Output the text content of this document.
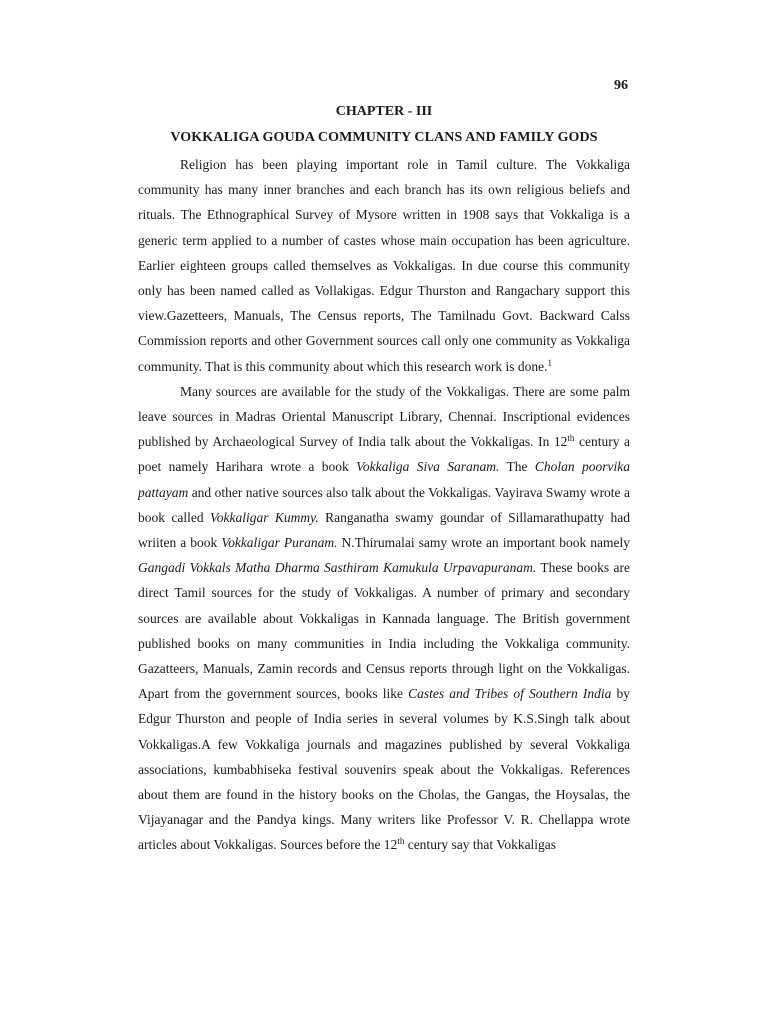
96
CHAPTER - III
VOKKALIGA GOUDA COMMUNITY CLANS AND FAMILY GODS

Religion has been playing important role in Tamil culture. The Vokkaliga community has many inner branches and each branch has its own religious beliefs and rituals. The Ethnographical Survey of Mysore written in 1908 says that Vokkaliga is a generic term applied to a number of castes whose main occupation has been agriculture. Earlier eighteen groups called themselves as Vokkaligas. In due course this community only has been named called as Vollakigas. Edgur Thurston and Rangachary support this view.Gazetteers, Manuals, The Census reports, The Tamilnadu Govt. Backward Calss Commission reports and other Government sources call only one community as Vokkaliga community. That is this community about which this research work is done.$^1$

Many sources are available for the study of the Vokkaligas. There are some palm leave sources in Madras Oriental Manuscript Library, Chennai. Inscriptional evidences published by Archaeological Survey of India talk about the Vokkaligas. In 12th century a poet namely Harihara wrote a book Vokkaliga Siva Saranam. The Cholan poorvika pattayam and other native sources also talk about the Vokkaligas. Vayirava Swamy wrote a book called Vokkaligar Kummy. Ranganatha swamy goundar of Sillamarathupatty had wriiten a book Vokkaligar Puranam. N.Thirumalai samy wrote an important book namely Gangadi Vokkals Matha Dharma Sasthiram Kamukula Urpavapuranam. These books are direct Tamil sources for the study of Vokkaligas. A number of primary and secondary sources are available about Vokkaligas in Kannada language. The British government published books on many communities in India including the Vokkaliga community. Gazatteers, Manuals, Zamin records and Census reports through light on the Vokkaligas. Apart from the government sources, books like Castes and Tribes of Southern India by Edgur Thurston and people of India series in several volumes by K.S.Singh talk about Vokkaligas.A few Vokkaliga journals and magazines published by several Vokkaliga associations, kumbabhiseka festival souvenirs speak about the Vokkaligas. References about them are found in the history books on the Cholas, the Gangas, the Hoysalas, the Vijayanagar and the Pandya kings. Many writers like Professor V. R. Chellappa wrote articles about Vokkaligas. Sources before the 12th century say that Vokkaligas
